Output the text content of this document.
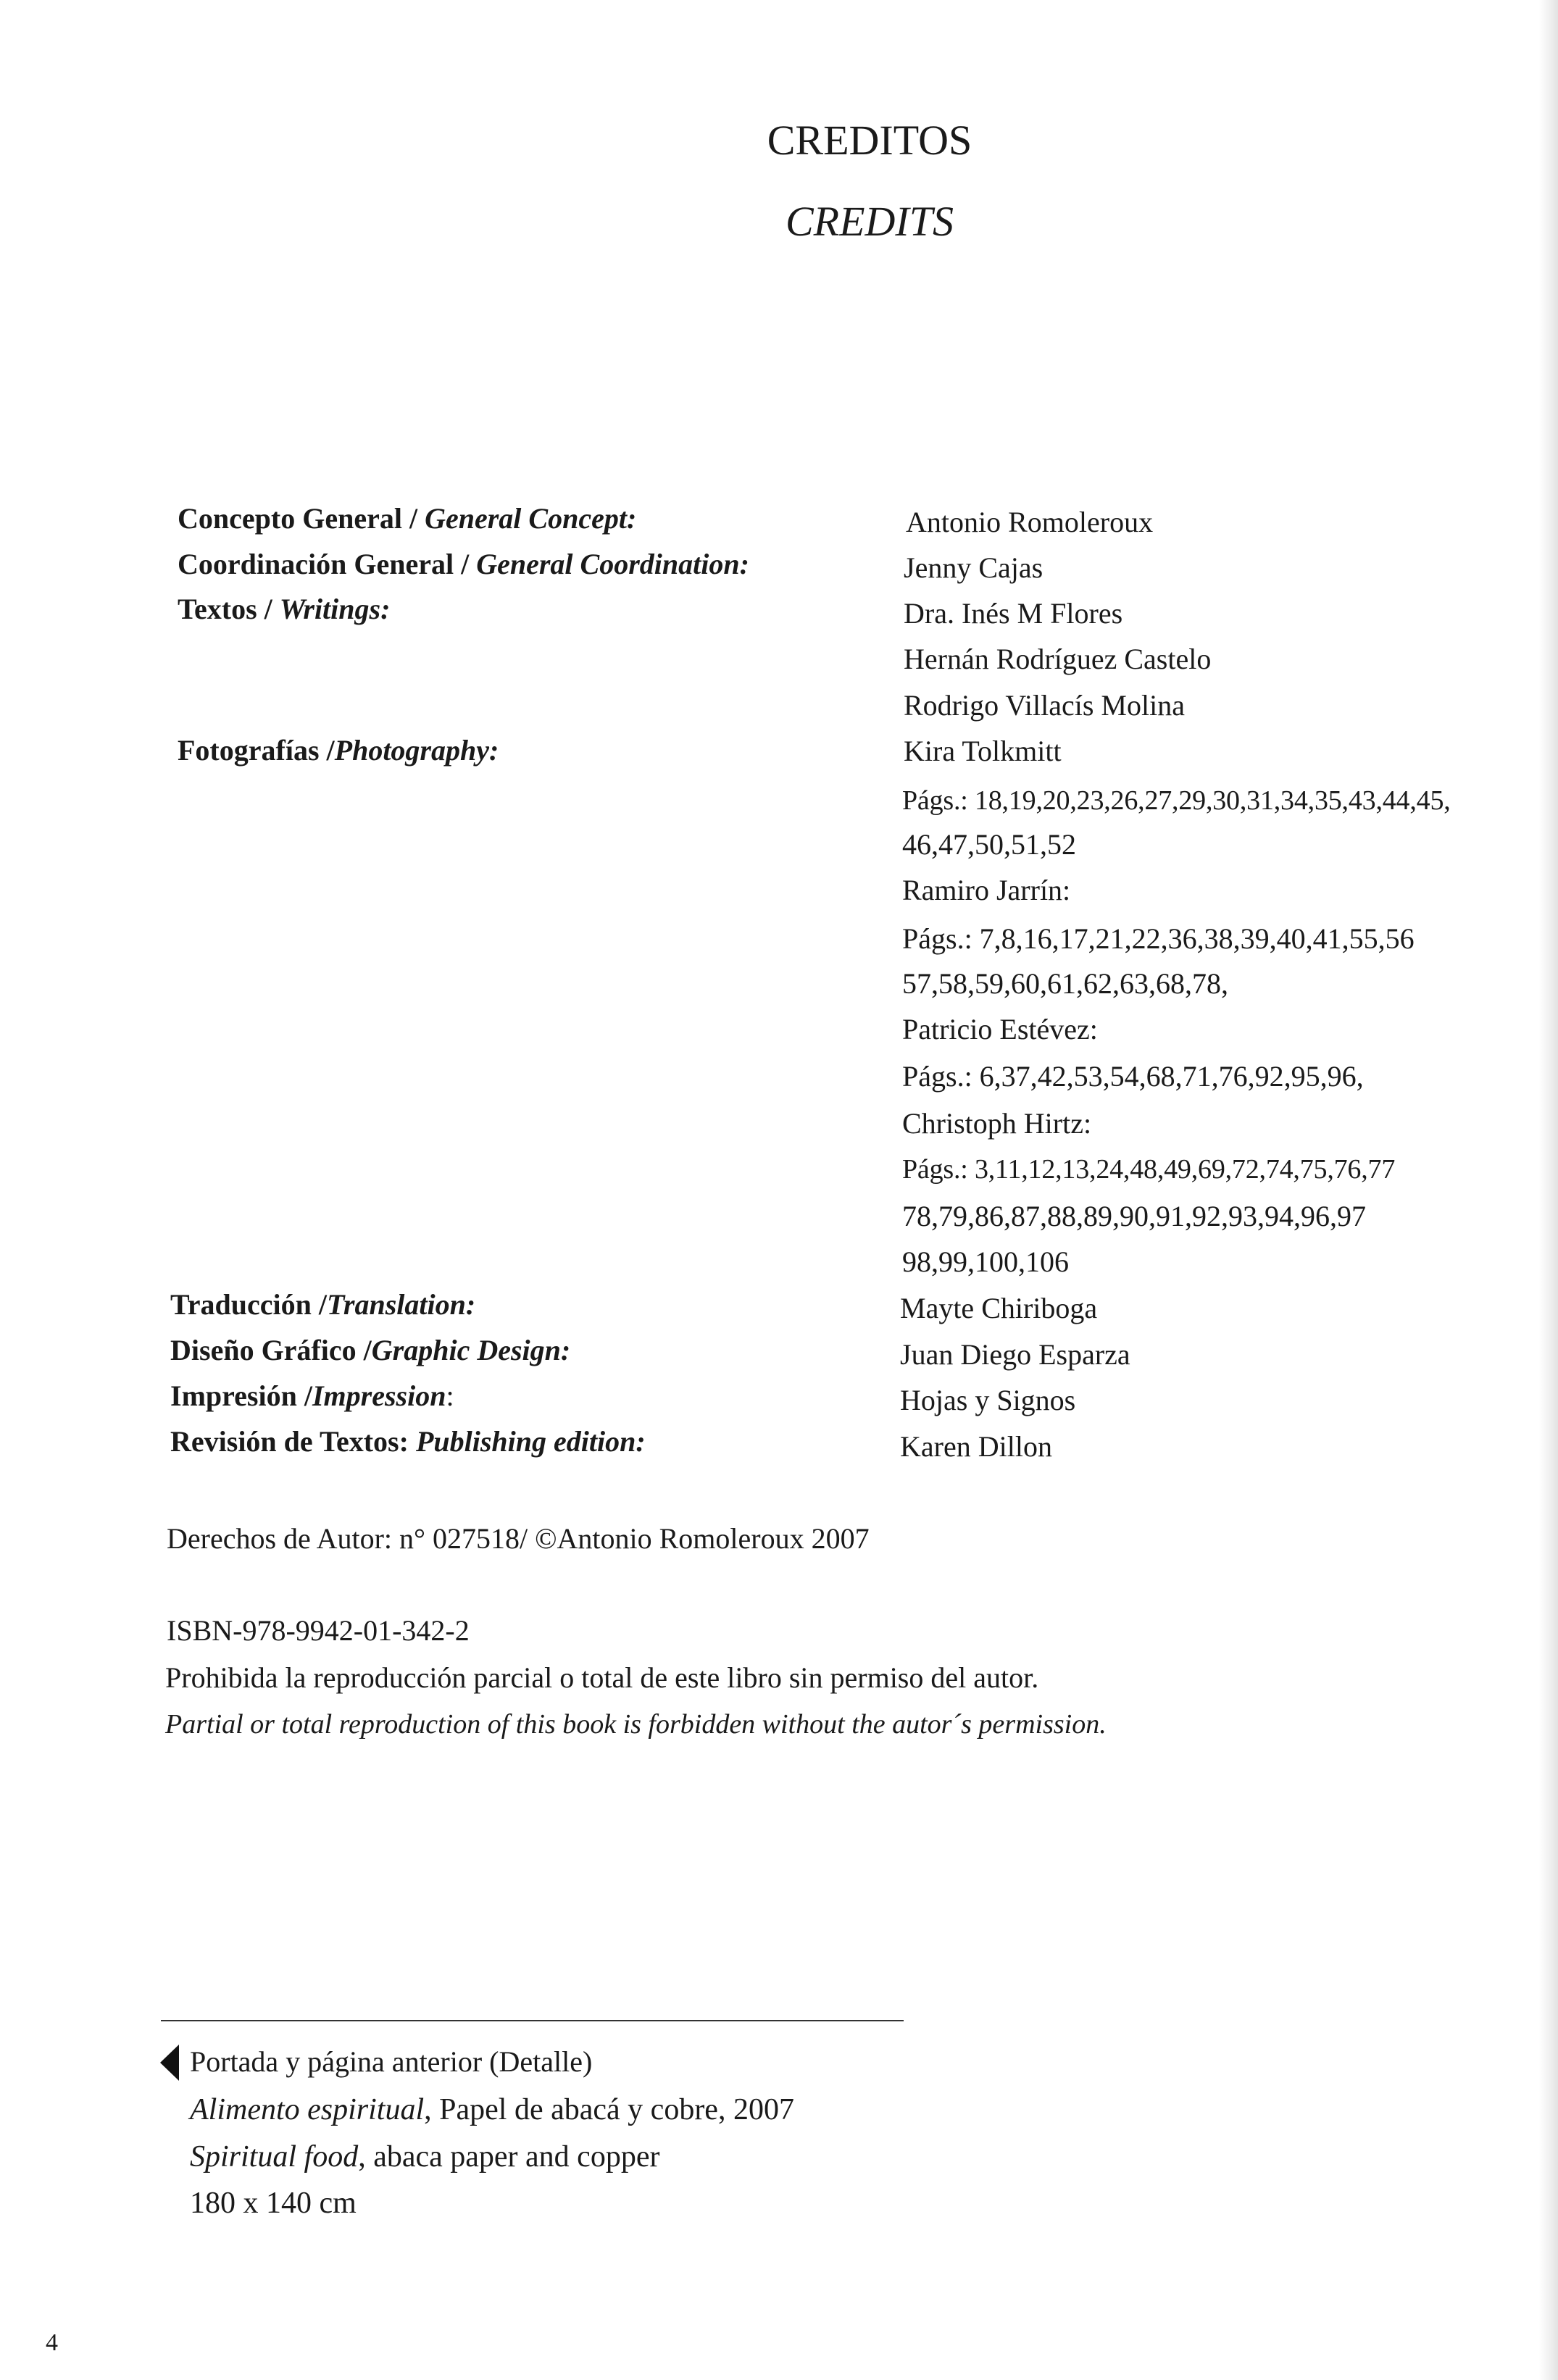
CREDITOS
CREDITS
Concepto General / General Concept:
Coordinación General / General Coordination:
Textos / Writings:
Fotografías /Photography:
Traducción /Translation:
Diseño Gráfico /Graphic Design:
Impresión /Impression:
Revisión de Textos: Publishing edition:
Antonio Romoleroux
Jenny Cajas
Dra. Inés M Flores
Hernán Rodríguez Castelo
Rodrigo Villacís Molina
Kira Tolkmitt
Págs.: 18,19,20,23,26,27,29,30,31,34,35,43,44,45,
46,47,50,51,52
Ramiro Jarrín:
Págs.: 7,8,16,17,21,22,36,38,39,40,41,55,56
57,58,59,60,61,62,63,68,78,
Patricio Estévez:
Págs.: 6,37,42,53,54,68,71,76,92,95,96,
Christoph Hirtz:
Págs.: 3,11,12,13,24,48,49,69,72,74,75,76,77
78,79,86,87,88,89,90,91,92,93,94,96,97
98,99,100,106
Mayte Chiriboga
Juan Diego Esparza
Hojas y Signos
Karen Dillon
Derechos de Autor: n° 027518/ ©Antonio Romoleroux 2007
ISBN-978-9942-01-342-2
Prohibida la reproducción parcial o total de este libro sin permiso del autor.
Partial or total reproduction of this book is forbidden without the autor´s permission.
Portada y página anterior (Detalle)
Alimento espiritual, Papel de abacá y cobre, 2007
Spiritual food, abaca paper and copper
180 x 140 cm
4
